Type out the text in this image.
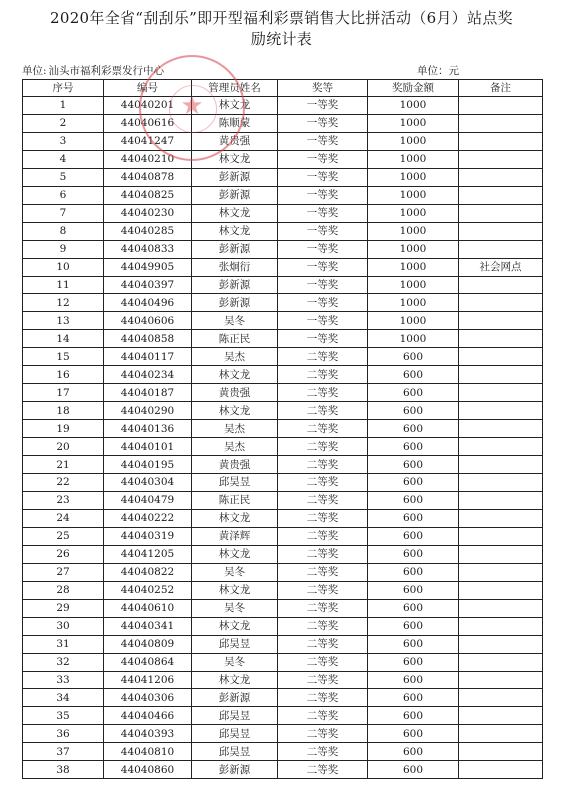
2020年全省“刮刮乐”即开型福利彩票销售大比拼活动（6月）站点奖
励统计表
单位: 汕头市福利彩票发行中心	单位：元
序号	编号	管理员姓名	奖等	奖励金额	备注
1	44040201	林文龙	一等奖	1000	
2	44040616	陈顺蒙	一等奖	1000	
3	44041247	黄贵强	一等奖	1000	
4	44040210	林文龙	一等奖	1000	
5	44040878	彭新源	一等奖	1000	
6	44040825	彭新源	一等奖	1000	
7	44040230	林文龙	一等奖	1000	
8	44040285	林文龙	一等奖	1000	
9	44040833	彭新源	一等奖	1000	
10	44049905	张炯衍	一等奖	1000	社会网点
11	44040397	彭新源	一等奖	1000	
12	44040496	彭新源	一等奖	1000	
13	44040606	吴冬	一等奖	1000	
14	44040858	陈正民	一等奖	1000	
15	44040117	吴杰	二等奖	600	
16	44040234	林文龙	二等奖	600	
17	44040187	黄贵强	二等奖	600	
18	44040290	林文龙	二等奖	600	
19	44040136	吴杰	二等奖	600	
20	44040101	吴杰	二等奖	600	
21	44040195	黄贵强	二等奖	600	
22	44040304	邱昊昱	二等奖	600	
23	44040479	陈正民	二等奖	600	
24	44040222	林文龙	二等奖	600	
25	44040319	黄泽辉	二等奖	600	
26	44041205	林文龙	二等奖	600	
27	44040822	吴冬	二等奖	600	
28	44040252	林文龙	二等奖	600	
29	44040610	吴冬	二等奖	600	
30	44040341	林文龙	二等奖	600	
31	44040809	邱昊昱	二等奖	600	
32	44040864	吴冬	二等奖	600	
33	44041206	林文龙	二等奖	600	
34	44040306	彭新源	二等奖	600	
35	44040466	邱昊昱	二等奖	600	
36	44040393	邱昊昱	二等奖	600	
37	44040810	邱昊昱	二等奖	600	
38	44040860	彭新源	二等奖	600	
★
